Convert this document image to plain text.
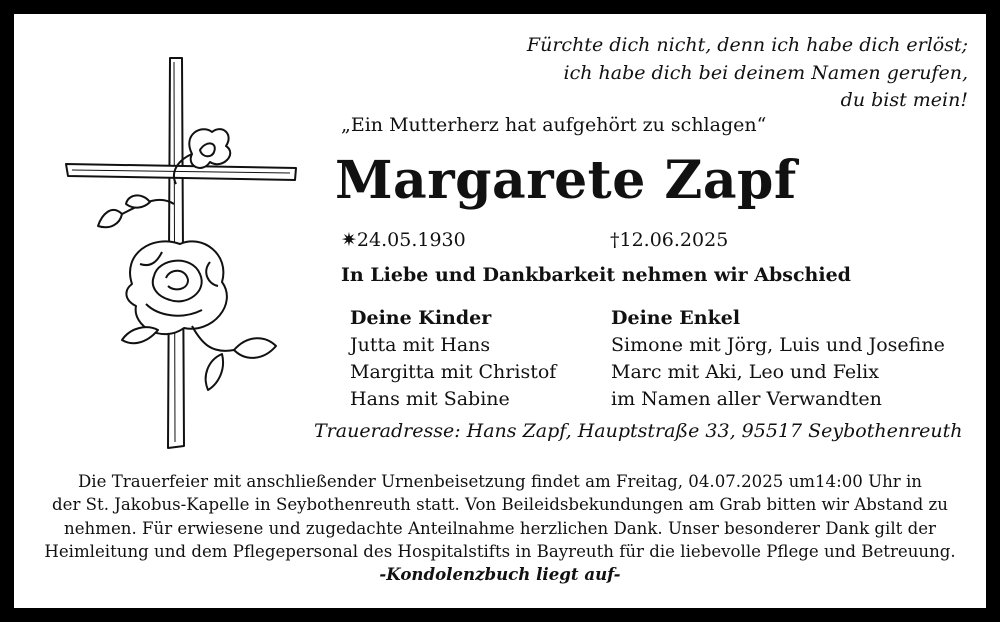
Fürchte dich nicht, denn ich habe dich erlöst;
ich habe dich bei deinem Namen gerufen,
du bist mein!
„Ein Mutterherz hat aufgehört zu schlagen“
Margarete Zapf
✷24.05.1930	†12.06.2025
In Liebe und Dankbarkeit nehmen wir Abschied
Deine Kinder
Jutta mit Hans
Margitta mit Christof
Hans mit Sabine
Deine Enkel
Simone mit Jörg, Luis und Josefine
Marc mit Aki, Leo und Felix
im Namen aller Verwandten
Traueradresse: Hans Zapf, Hauptstraße 33, 95517 Seybothenreuth
Die Trauerfeier mit anschließender Urnenbeisetzung findet am Freitag, 04.07.2025 um14:00 Uhr in
der St. Jakobus-Kapelle in Seybothenreuth statt. Von Beileidsbekundungen am Grab bitten wir Abstand zu
nehmen. Für erwiesene und zugedachte Anteilnahme herzlichen Dank. Unser besonderer Dank gilt der
Heimleitung und dem Pflegepersonal des Hospitalstifts in Bayreuth für die liebevolle Pflege und Betreuung.
-Kondolenzbuch liegt auf-
